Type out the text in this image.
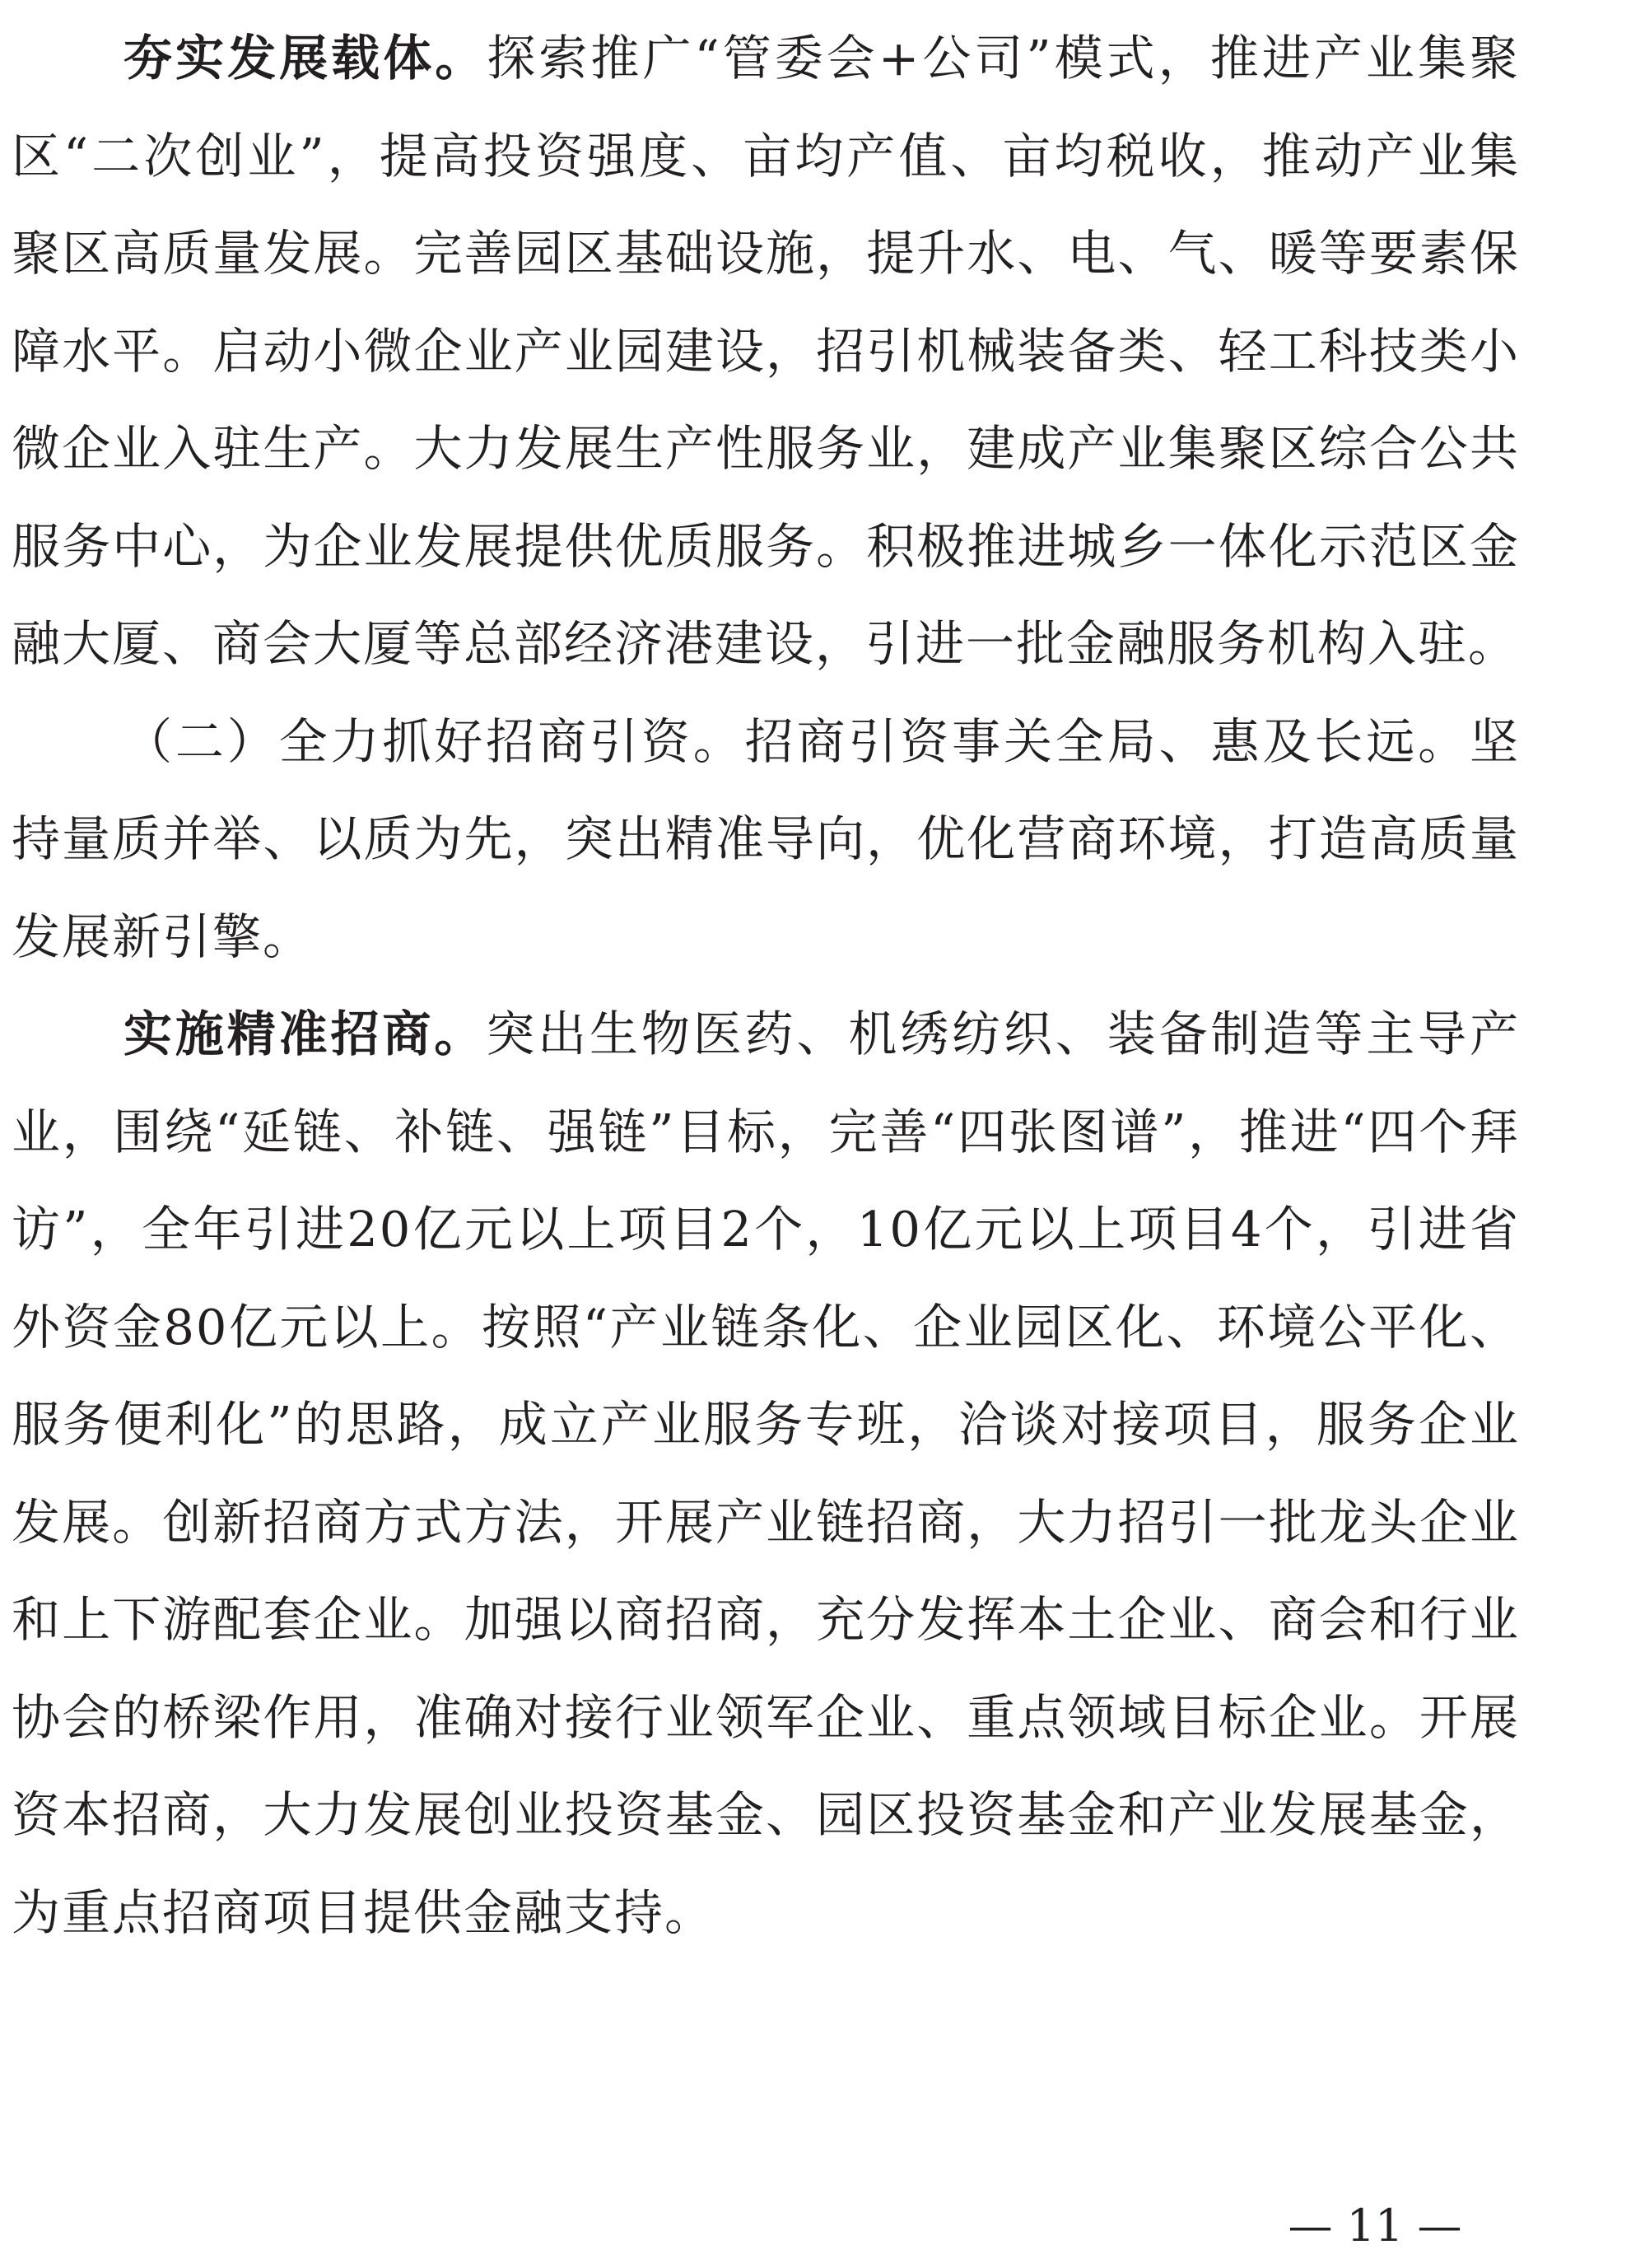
夯实发展载体。探索推广“管委会+公司”模式，推进产业集聚区“二次创业”，提高投资强度、亩均产值、亩均税收，推动产业集聚区高质量发展。完善园区基础设施，提升水、电、气、暖等要素保障水平。启动小微企业产业园建设，招引机械装备类、轻工科技类小微企业入驻生产。大力发展生产性服务业，建成产业集聚区综合公共服务中心，为企业发展提供优质服务。积极推进城乡一体化示范区金融大厦、商会大厦等总部经济港建设，引进一批金融服务机构入驻。

（二）全力抓好招商引资。招商引资事关全局、惠及长远。坚持量质并举、以质为先，突出精准导向，优化营商环境，打造高质量发展新引擎。

实施精准招商。突出生物医药、机绣纺织、装备制造等主导产业，围绕“延链、补链、强链”目标，完善“四张图谱”，推进“四个拜访”，全年引进20亿元以上项目2个，10亿元以上项目4个，引进省外资金80亿元以上。按照“产业链条化、企业园区化、环境公平化、服务便利化”的思路，成立产业服务专班，洽谈对接项目，服务企业发展。创新招商方式方法，开展产业链招商，大力招引一批龙头企业和上下游配套企业。加强以商招商，充分发挥本土企业、商会和行业协会的桥梁作用，准确对接行业领军企业、重点领域目标企业。开展资本招商，大力发展创业投资基金、园区投资基金和产业发展基金，为重点招商项目提供金融支持。

— 11 —
